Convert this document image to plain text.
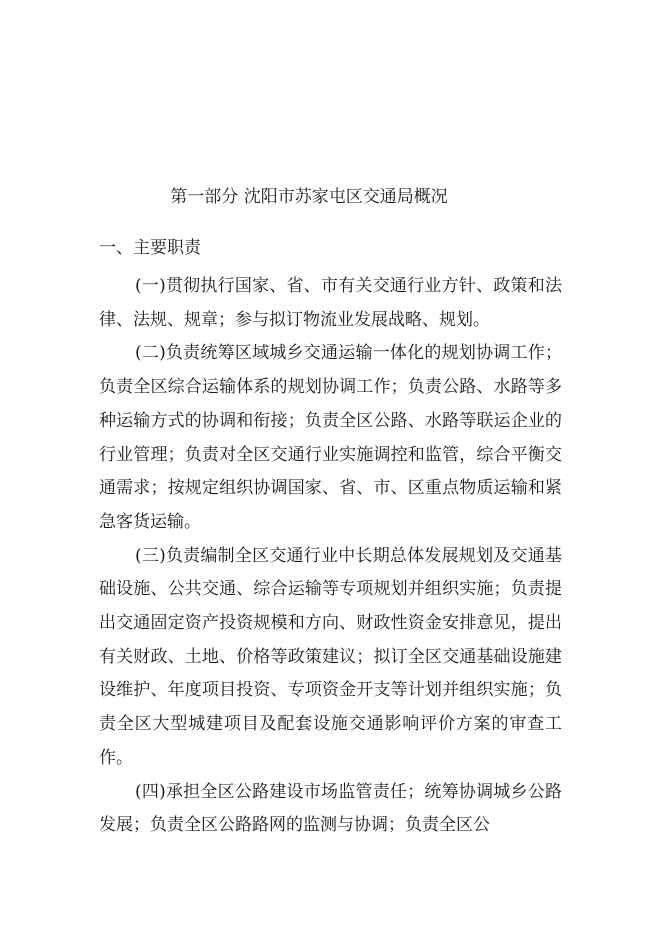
第一部分 沈阳市苏家屯区交通局概况
一、主要职责

(一)贯彻执行国家、省、市有关交通行业方针、政策和法律、法规、规章；参与拟订物流业发展战略、规划。

(二)负责统筹区域城乡交通运输一体化的规划协调工作；负责全区综合运输体系的规划协调工作；负责公路、水路等多种运输方式的协调和衔接；负责全区公路、水路等联运企业的行业管理；负责对全区交通行业实施调控和监管，综合平衡交通需求；按规定组织协调国家、省、市、区重点物质运输和紧急客货运输。

(三)负责编制全区交通行业中长期总体发展规划及交通基础设施、公共交通、综合运输等专项规划并组织实施；负责提出交通固定资产投资规模和方向、财政性资金安排意见，提出有关财政、土地、价格等政策建议；拟订全区交通基础设施建设维护、年度项目投资、专项资金开支等计划并组织实施；负责全区大型城建项目及配套设施交通影响评价方案的审查工作。

(四)承担全区公路建设市场监管责任；统筹协调城乡公路发展；负责全区公路路网的监测与协调；负责全区公
